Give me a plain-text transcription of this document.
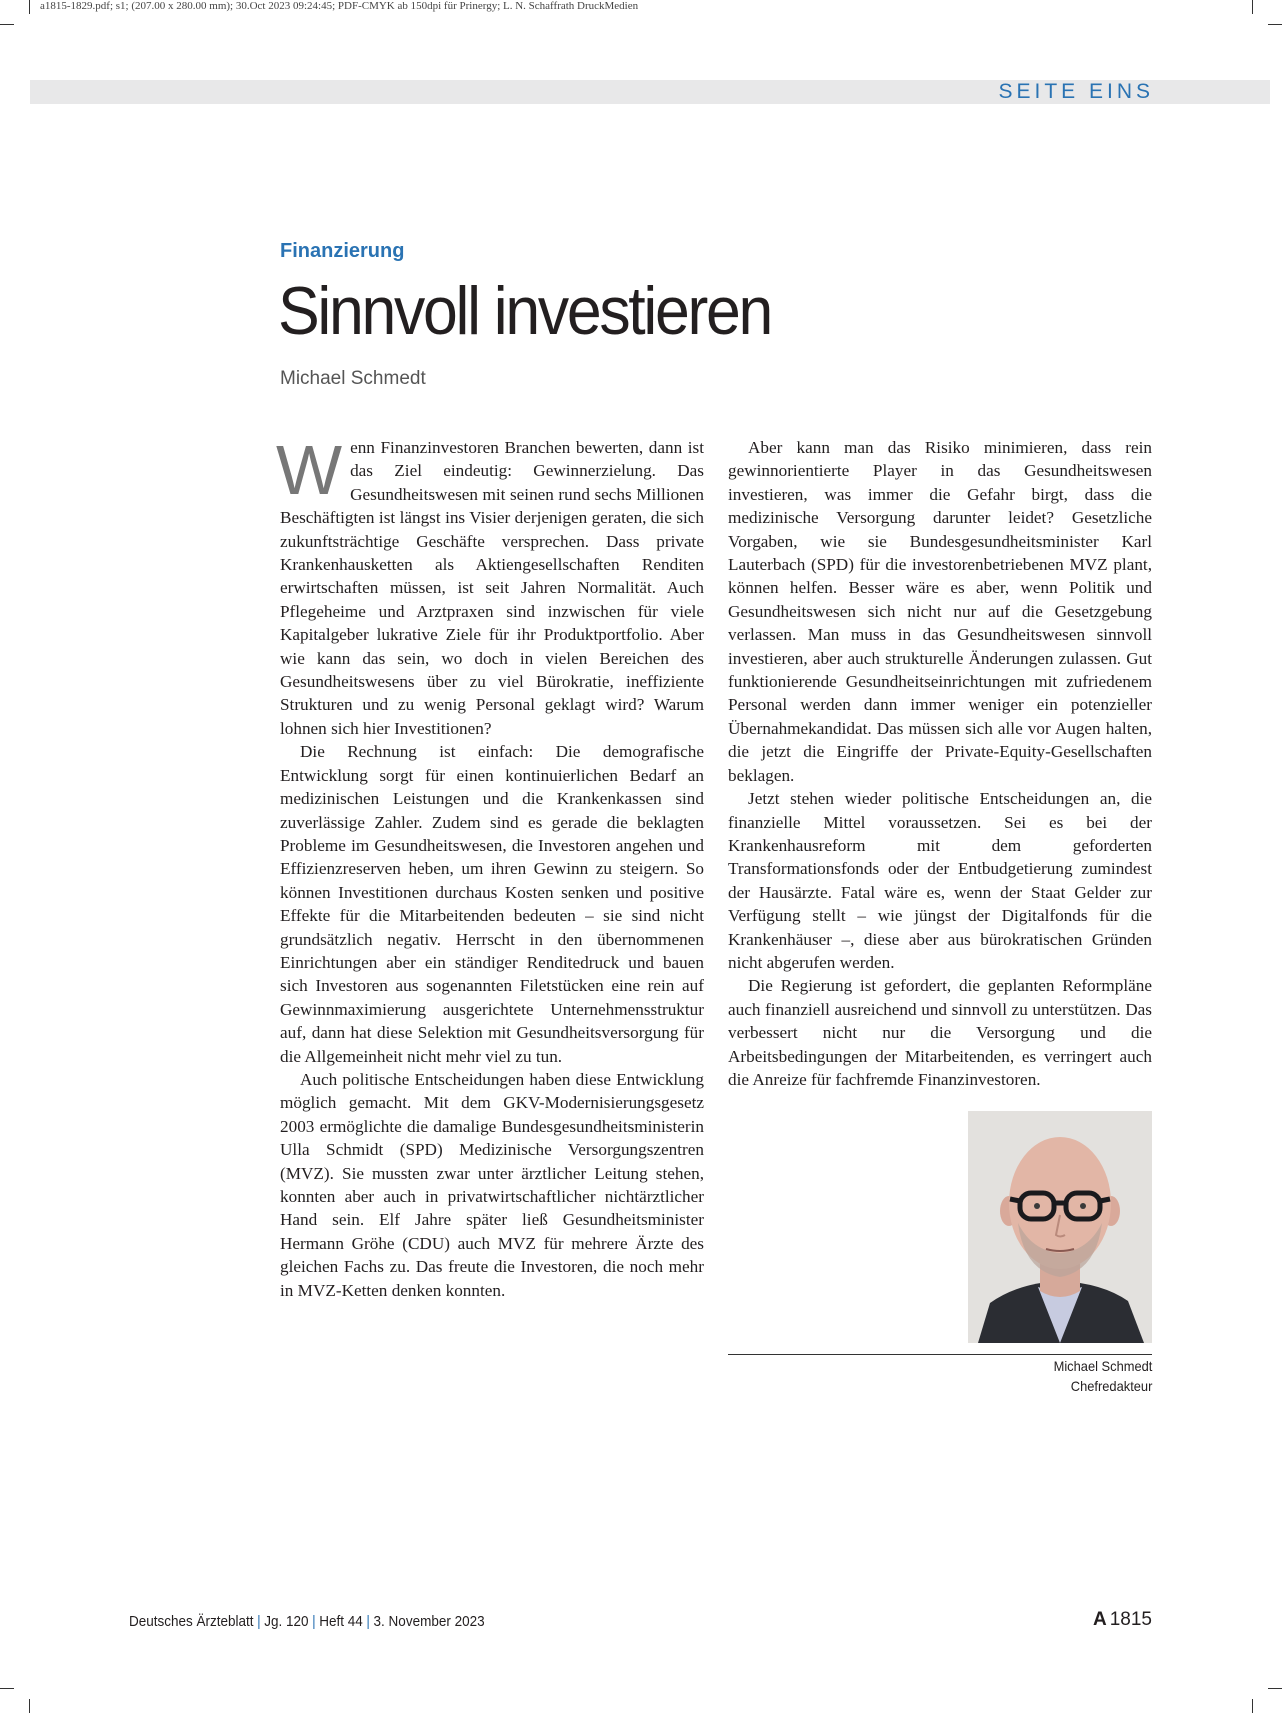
a1815-1829.pdf; s1; (207.00 x 280.00 mm); 30.Oct 2023 09:24:45; PDF-CMYK ab 150dpi für Prinergy; L. N. Schaffrath DruckMedien
SEITE EINS
Finanzierung
Sinnvoll investieren
Michael Schmedt

Wenn Finanzinvestoren Branchen bewerten, dann ist das Ziel eindeutig: Gewinnerzielung. Das Gesundheitswesen mit seinen rund sechs Millionen Beschäftigten ist längst ins Visier derjenigen geraten, die sich zukunftsträchtige Geschäfte versprechen. Dass private Krankenhausketten als Aktiengesellschaften Renditen erwirtschaften müssen, ist seit Jahren Normalität. Auch Pflegeheime und Arztpraxen sind inzwischen für viele Kapitalgeber lukrative Ziele für ihr Produktportfolio. Aber wie kann das sein, wo doch in vielen Bereichen des Gesundheitswesens über zu viel Bürokratie, ineffiziente Strukturen und zu wenig Personal geklagt wird? Warum lohnen sich hier Investitionen?

Die Rechnung ist einfach: Die demografische Entwicklung sorgt für einen kontinuierlichen Bedarf an medizinischen Leistungen und die Krankenkassen sind zuverlässige Zahler. Zudem sind es gerade die beklagten Probleme im Gesundheitswesen, die Investoren angehen und Effizienzreserven heben, um ihren Gewinn zu steigern. So können Investitionen durchaus Kosten senken und positive Effekte für die Mitarbeitenden bedeuten – sie sind nicht grundsätzlich negativ. Herrscht in den übernommenen Einrichtungen aber ein ständiger Renditedruck und bauen sich Investoren aus sogenannten Filetstücken eine rein auf Gewinnmaximierung ausgerichtete Unternehmensstruktur auf, dann hat diese Selektion mit Gesundheitsversorgung für die Allgemeinheit nicht mehr viel zu tun.

Auch politische Entscheidungen haben diese Entwicklung möglich gemacht. Mit dem GKV-Modernisierungsgesetz 2003 ermöglichte die damalige Bundesgesundheitsministerin Ulla Schmidt (SPD) Medizinische Versorgungszentren (MVZ). Sie mussten zwar unter ärztlicher Leitung stehen, konnten aber auch in privatwirtschaftlicher nichtärztlicher Hand sein. Elf Jahre später ließ Gesundheitsminister Hermann Gröhe (CDU) auch MVZ für mehrere Ärzte des gleichen Fachs zu. Das freute die Investoren, die noch mehr in MVZ-Ketten denken konnten.

Aber kann man das Risiko minimieren, dass rein gewinnorientierte Player in das Gesundheitswesen investieren, was immer die Gefahr birgt, dass die medizinische Versorgung darunter leidet? Gesetzliche Vorgaben, wie sie Bundesgesundheitsminister Karl Lauterbach (SPD) für die investorenbetriebenen MVZ plant, können helfen. Besser wäre es aber, wenn Politik und Gesundheitswesen sich nicht nur auf die Gesetzgebung verlassen. Man muss in das Gesundheitswesen sinnvoll investieren, aber auch strukturelle Änderungen zulassen. Gut funktionierende Gesundheitseinrichtungen mit zufriedenem Personal werden dann immer weniger ein potenzieller Übernahmekandidat. Das müssen sich alle vor Augen halten, die jetzt die Eingriffe der Private-Equity-Gesellschaften beklagen.

Jetzt stehen wieder politische Entscheidungen an, die finanzielle Mittel voraussetzen. Sei es bei der Krankenhausreform mit dem geforderten Transformationsfonds oder der Entbudgetierung zumindest der Hausärzte. Fatal wäre es, wenn der Staat Gelder zur Verfügung stellt – wie jüngst der Digitalfonds für die Krankenhäuser –, diese aber aus bürokratischen Gründen nicht abgerufen werden.

Die Regierung ist gefordert, die geplanten Reformpläne auch finanziell ausreichend und sinnvoll zu unterstützen. Das verbessert nicht nur die Versorgung und die Arbeitsbedingungen der Mitarbeitenden, es verringert auch die Anreize für fachfremde Finanzinvestoren.

Michael Schmedt
Chefredakteur
Deutsches Ärzteblatt | Jg. 120 | Heft 44 | 3. November 2023	A 1815
